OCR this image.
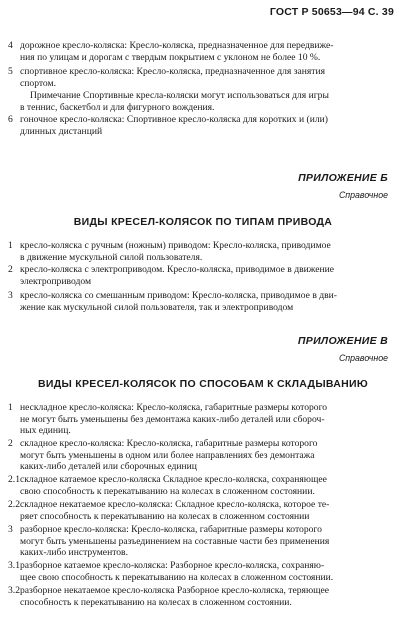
ГОСТ Р 50653—94 С. 39
4 дорожное кресло-коляска: Кресло-коляска, предназначенное для передвиже-
ния по улицам и дорогам с твердым покрытием с уклоном не более 10 %.
5 спортивное кресло-коляска: Кресло-коляска, предназначенное для занятия
спортом.
Примечание Спортивные кресла-коляски могут использоваться для игры
в теннис, баскетбол и для фигурного вождения.
6 гоночное кресло-коляска: Спортивное кресло-коляска для коротких и (или)
длинных дистанций
ПРИЛОЖЕНИЕ Б
Справочное
ВИДЫ КРЕСЕЛ-КОЛЯСОК ПО ТИПАМ ПРИВОДА
1 кресло-коляска с ручным (ножным) приводом: Кресло-коляска, приводимое
в движение мускульной силой пользователя.
2 кресло-коляска с электроприводом. Кресло-коляска, приводимое в движение
электроприводом
3 кресло-коляска со смешанным приводом: Кресло-коляска, приводимое в дви-
жение как мускульной силой пользователя, так и электроприводом
ПРИЛОЖЕНИЕ В
Справочное
ВИДЫ КРЕСЕЛ-КОЛЯСОК ПО СПОСОБАМ К СКЛАДЫВАНИЮ
1 нескладное кресло-коляска: Кресло-коляска, габаритные размеры которого
не могут быть уменьшены без демонтажа каких-либо деталей или сбороч-
ных единиц.
2 складное кресло-коляска: Кресло-коляска, габаритные размеры которого
могут быть уменьшены в одном или более направлениях без демонтажа
каких-либо деталей или сборочных единиц
2.1 складное катаемое кресло-коляска Складное кресло-коляска, сохраняющее
свою способность к перекатыванию на колесах в сложенном состоянии.
2.2 складное некатаемое кресло-коляска: Складное кресло-коляска, которое те-
ряет способность к перекатыванию на колесах в сложенном состоянии
3 разборное кресло-коляска: Кресло-коляска, габаритные размеры которого
могут быть уменьшены разъединением на составные части без применения
каких-либо инструментов.
3.1 разборное катаемое кресло-коляска: Разборное кресло-коляска, сохраняю-
щее свою способность к перекатыванию на колесах в сложенном состоянии.
3.2 разборное некатаемое кресло-коляска Разборное кресло-коляска, теряющее
способность к перекатыванию на колесах в сложенном состоянии.
